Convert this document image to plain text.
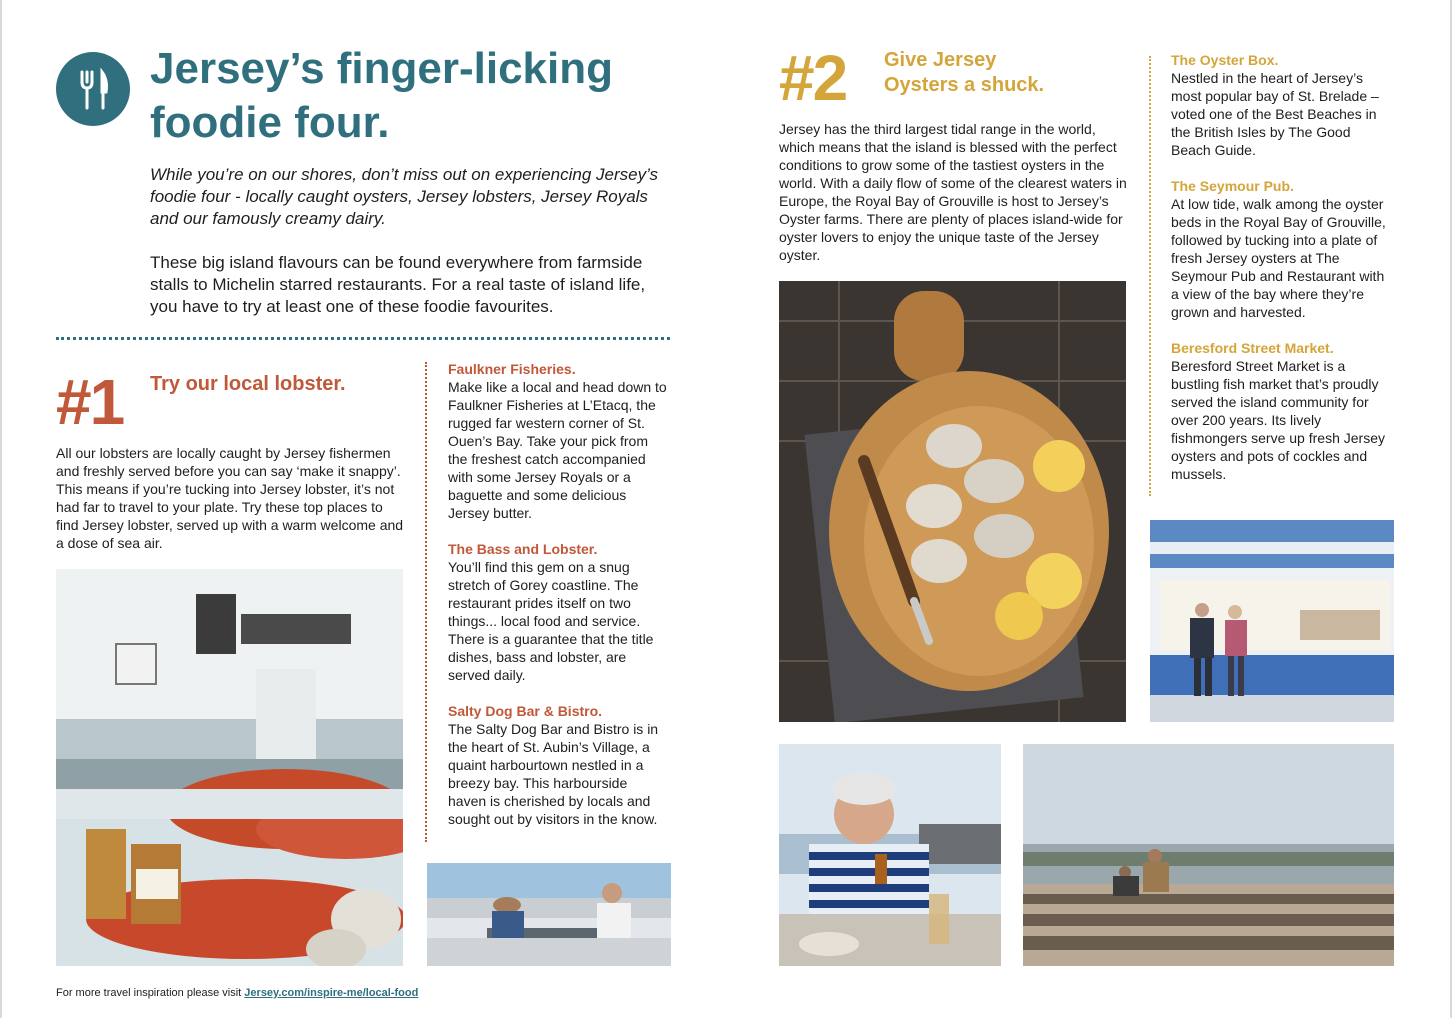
Jersey’s finger-licking
foodie four.

While you’re on our shores, don’t miss out on experiencing Jersey’s foodie four - locally caught oysters, Jersey lobsters, Jersey Royals and our famously creamy dairy.

These big island flavours can be found everywhere from farmside stalls to Michelin starred restaurants. For a real taste of island life, you have to try at least one of these foodie favourites.

#1 Try our local lobster.

All our lobsters are locally caught by Jersey fishermen and freshly served before you can say ‘make it snappy’. This means if you’re tucking into Jersey lobster, it’s not had far to travel to your plate. Try these top places to find Jersey lobster, served up with a warm welcome and a dose of sea air.

Faulkner Fisheries.

Make like a local and head down to Faulkner Fisheries at L’Etacq, the rugged far western corner of St. Ouen’s Bay. Take your pick from the freshest catch accompanied with some Jersey Royals or a baguette and some delicious Jersey butter.

The Bass and Lobster.

You’ll find this gem on a snug stretch of Gorey coastline. The restaurant prides itself on two things... local food and service. There is a guarantee that the title dishes, bass and lobster, are served daily.

Salty Dog Bar & Bistro.

The Salty Dog Bar and Bistro is in the heart of St. Aubin’s Village, a quaint harbourtown nestled in a breezy bay. This harbourside haven is cherished by locals and sought out by visitors in the know.

#2 Give Jersey
Oysters a shuck.

Jersey has the third largest tidal range in the world, which means that the island is blessed with the perfect conditions to grow some of the tastiest oysters in the world. With a daily flow of some of the clearest waters in Europe, the Royal Bay of Grouville is host to Jersey’s Oyster farms. There are plenty of places island-wide for oyster lovers to enjoy the unique taste of the Jersey oyster.

The Oyster Box.

Nestled in the heart of Jersey’s most popular bay of St. Brelade – voted one of the Best Beaches in the British Isles by The Good Beach Guide.

The Seymour Pub.

At low tide, walk among the oyster beds in the Royal Bay of Grouville, followed by tucking into a plate of fresh Jersey oysters at The Seymour Pub and Restaurant with a view of the bay where they’re grown and harvested.

Beresford Street Market.

Beresford Street Market is a bustling fish market that’s proudly served the island community for over 200 years. Its lively fishmongers serve up fresh Jersey oysters and pots of cockles and mussels.

For more travel inspiration please visit Jersey.com/inspire-me/local-food
